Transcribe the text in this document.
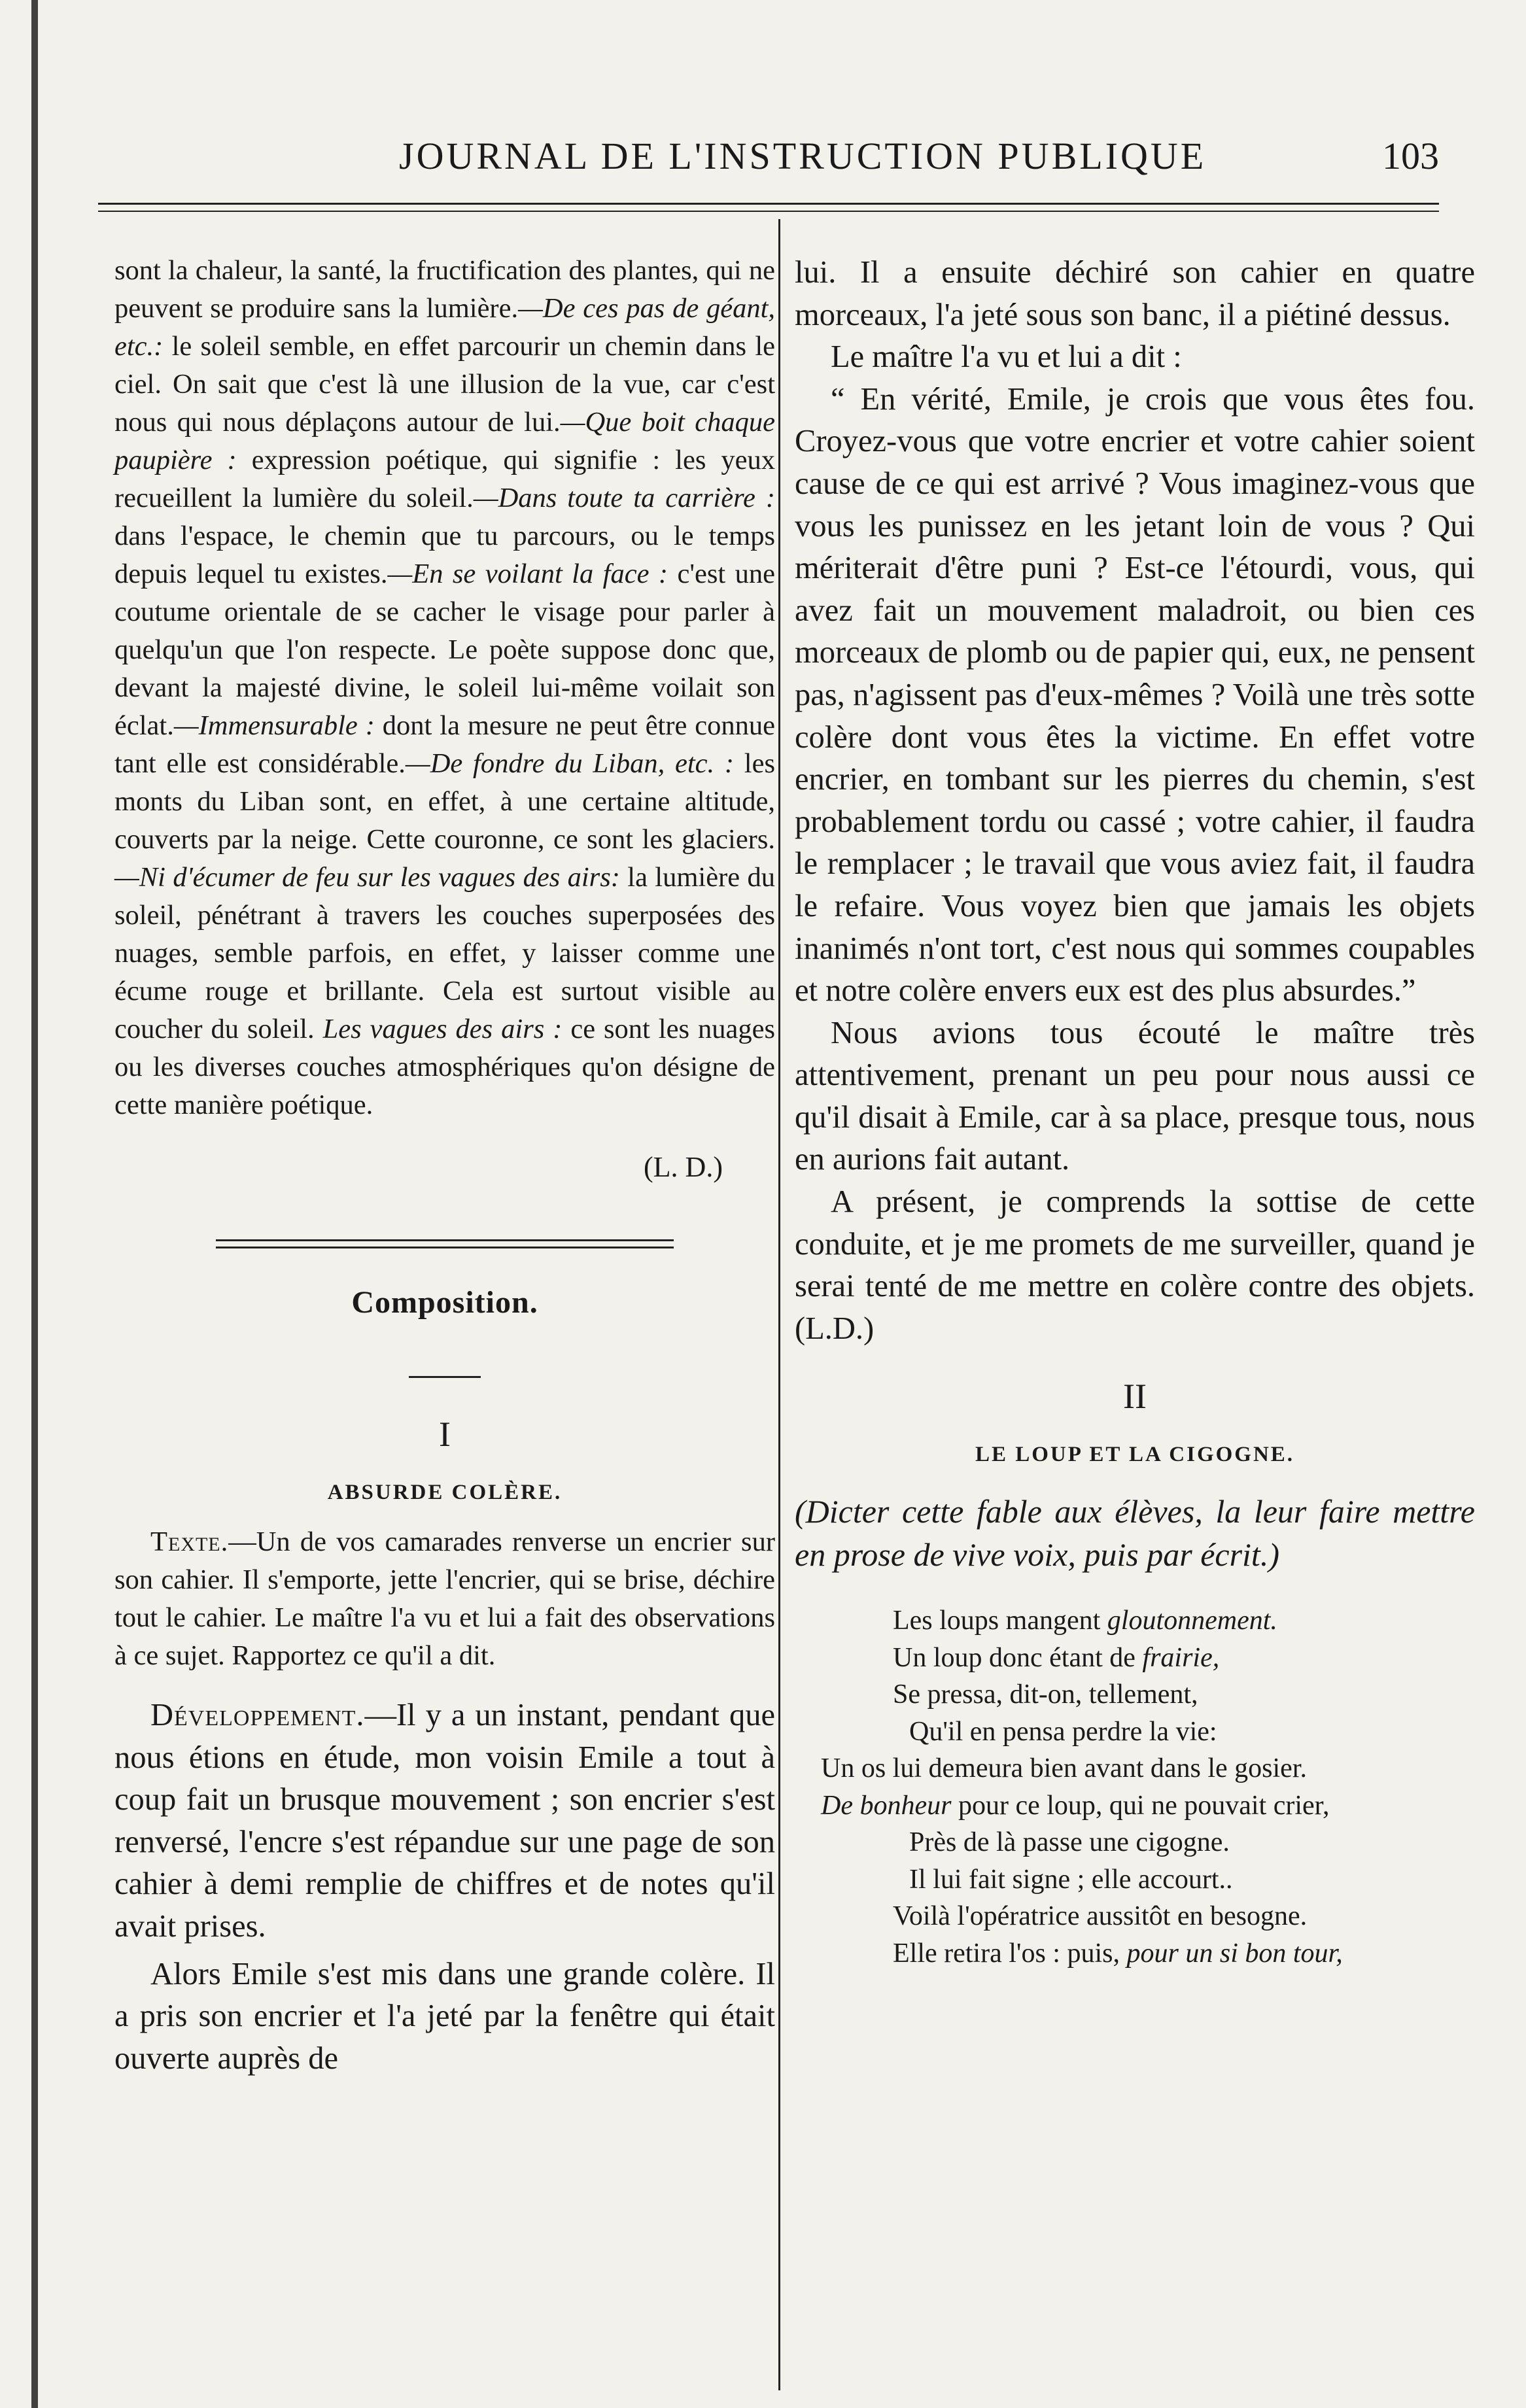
JOURNAL DE L'INSTRUCTION PUBLIQUE	103

sont la chaleur, la santé, la fructification des plantes, qui ne peuvent se produire sans la lumière.—De ces pas de géant, etc.: le soleil semble, en effet parcourir un chemin dans le ciel. On sait que c'est là une illusion de la vue, car c'est nous qui nous déplaçons autour de lui.—Que boit chaque paupière : expression poétique, qui signifie : les yeux recueillent la lumière du soleil.—Dans toute ta carrière : dans l'espace, le chemin que tu parcours, ou le temps depuis lequel tu existes.—En se voilant la face : c'est une coutume orientale de se cacher le visage pour parler à quelqu'un que l'on respecte. Le poète suppose donc que, devant la majesté divine, le soleil lui-même voilait son éclat.—Immensurable : dont la mesure ne peut être connue tant elle est considérable.—De fondre du Liban, etc. : les monts du Liban sont, en effet, à une certaine altitude, couverts par la neige. Cette couronne, ce sont les glaciers.—Ni d'écumer de feu sur les vagues des airs: la lumière du soleil, pénétrant à travers les couches superposées des nuages, semble parfois, en effet, y laisser comme une écume rouge et brillante. Cela est surtout visible au coucher du soleil. Les vagues des airs : ce sont les nuages ou les diverses couches atmosphériques qu'on désigne de cette manière poétique.

(L. D.)
Composition.
I
ABSURDE COLÈRE.

Texte.—Un de vos camarades renverse un encrier sur son cahier. Il s'emporte, jette l'encrier, qui se brise, déchire tout le cahier. Le maître l'a vu et lui a fait des observations à ce sujet. Rapportez ce qu'il a dit.

Développement.—Il y a un instant, pendant que nous étions en étude, mon voisin Emile a tout à coup fait un brusque mouvement ; son encrier s'est renversé, l'encre s'est répandue sur une page de son cahier à demi remplie de chiffres et de notes qu'il avait prises.

Alors Emile s'est mis dans une grande colère. Il a pris son encrier et l'a jeté par la fenêtre qui était ouverte auprès de

lui. Il a ensuite déchiré son cahier en quatre morceaux, l'a jeté sous son banc, il a piétiné dessus.

Le maître l'a vu et lui a dit :

“ En vérité, Emile, je crois que vous êtes fou. Croyez-vous que votre encrier et votre cahier soient cause de ce qui est arrivé ? Vous imaginez-vous que vous les punissez en les jetant loin de vous ? Qui mériterait d'être puni ? Est-ce l'étourdi, vous, qui avez fait un mouvement maladroit, ou bien ces morceaux de plomb ou de papier qui, eux, ne pensent pas, n'agissent pas d'eux-mêmes ? Voilà une très sotte colère dont vous êtes la victime. En effet votre encrier, en tombant sur les pierres du chemin, s'est probablement tordu ou cassé ; votre cahier, il faudra le remplacer ; le travail que vous aviez fait, il faudra le refaire. Vous voyez bien que jamais les objets inanimés n'ont tort, c'est nous qui sommes coupables et notre colère envers eux est des plus absurdes.”

Nous avions tous écouté le maître très attentivement, prenant un peu pour nous aussi ce qu'il disait à Emile, car à sa place, presque tous, nous en aurions fait autant.

A présent, je comprends la sottise de cette conduite, et je me promets de me surveiller, quand je serai tenté de me mettre en colère contre des objets. (L.D.)

II
LE LOUP ET LA CIGOGNE.
(Dicter cette fable aux élèves, la leur faire mettre en prose de vive voix, puis par écrit.)
Les loups mangent gloutonnement.
Un loup donc étant de frairie,
Se pressa, dit-on, tellement,
Qu'il en pensa perdre la vie:
Un os lui demeura bien avant dans le gosier.
De bonheur pour ce loup, qui ne pouvait crier,
Près de là passe une cigogne.
Il lui fait signe ; elle accourt..
Voilà l'opératrice aussitôt en besogne.
Elle retira l'os : puis, pour un si bon tour,
